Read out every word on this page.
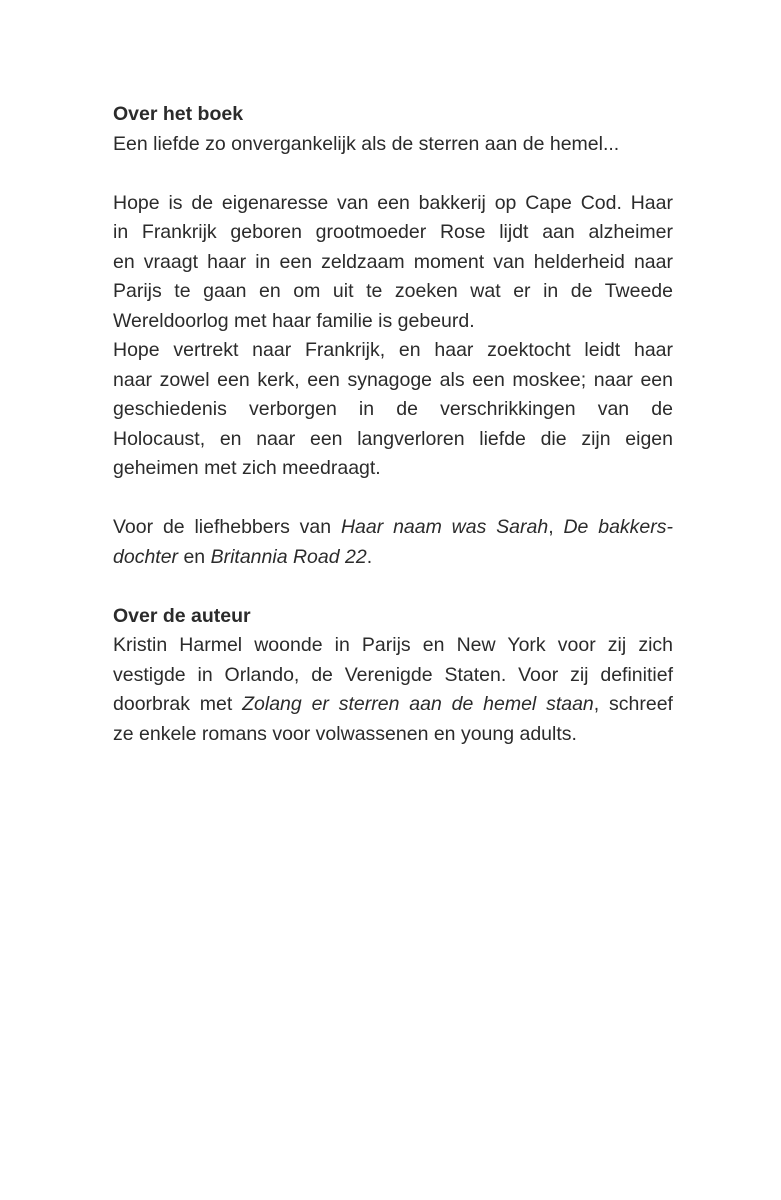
Over het boek

Een liefde zo onvergankelijk als de sterren aan de hemel...

Hope is de eigenaresse van een bakkerij op Cape Cod. Haar
in Frankrijk geboren grootmoeder Rose lijdt aan alzheimer
en vraagt haar in een zeldzaam moment van helderheid naar
Parijs te gaan en om uit te zoeken wat er in de Tweede
Wereldoorlog met haar familie is gebeurd.
Hope vertrekt naar Frankrijk, en haar zoektocht leidt haar
naar zowel een kerk, een synagoge als een moskee; naar een
geschiedenis verborgen in de verschrikkingen van de
Holocaust, en naar een langverloren liefde die zijn eigen
geheimen met zich meedraagt.
Voor de liefhebbers van Haar naam was Sarah, De bakkers-
dochter en Britannia Road 22.

Over de auteur

Kristin Harmel woonde in Parijs en New York voor zij zich
vestigde in Orlando, de Verenigde Staten. Voor zij definitief
doorbrak met Zolang er sterren aan de hemel staan, schreef
ze enkele romans voor volwassenen en young adults.
